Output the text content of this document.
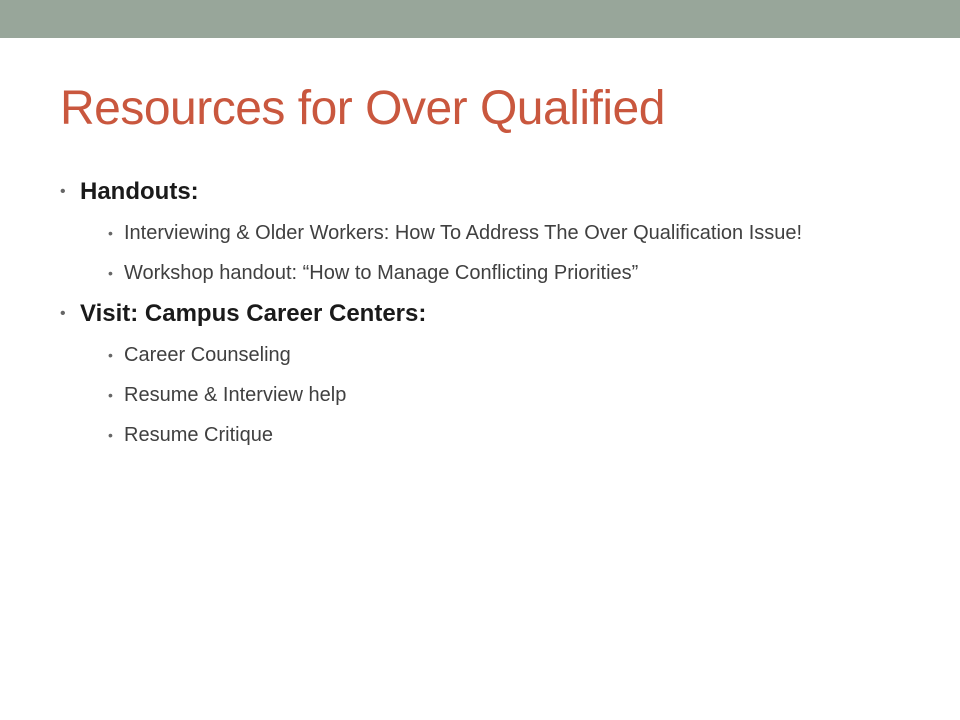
Resources for Over Qualified
• Handouts:
• Interviewing & Older Workers: How To Address The Over Qualification Issue!
• Workshop handout: “How to Manage Conflicting Priorities”
• Visit: Campus Career Centers:
• Career Counseling
• Resume & Interview help
• Resume Critique
